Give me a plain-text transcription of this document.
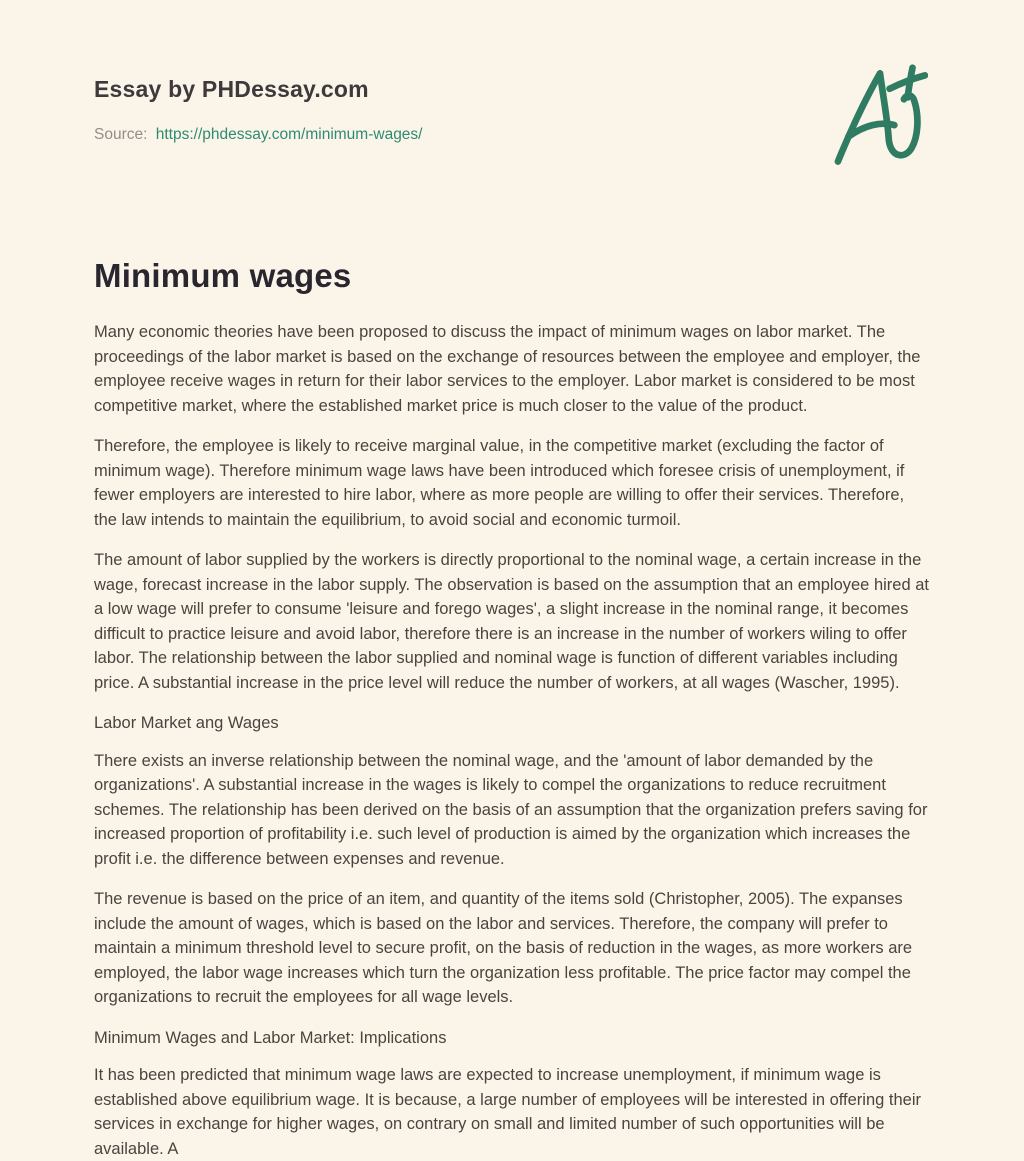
Essay by PHDessay.com

Source: https://phdessay.com/minimum-wages/

Minimum wages

Many economic theories have been proposed to discuss the impact of minimum wages on labor market. The proceedings of the labor market is based on the exchange of resources between the employee and employer, the employee receive wages in return for their labor services to the employer. Labor market is considered to be most competitive market, where the established market price is much closer to the value of the product.

Therefore, the employee is likely to receive marginal value, in the competitive market (excluding the factor of minimum wage). Therefore minimum wage laws have been introduced which foresee crisis of unemployment, if fewer employers are interested to hire labor, where as more people are willing to offer their services. Therefore, the law intends to maintain the equilibrium, to avoid social and economic turmoil.

The amount of labor supplied by the workers is directly proportional to the nominal wage, a certain increase in the wage, forecast increase in the labor supply. The observation is based on the assumption that an employee hired at a low wage will prefer to consume 'leisure and forego wages', a slight increase in the nominal range, it becomes difficult to practice leisure and avoid labor, therefore there is an increase in the number of workers wiling to offer labor. The relationship between the labor supplied and nominal wage is function of different variables including price. A substantial increase in the price level will reduce the number of workers, at all wages (Wascher, 1995).

Labor Market ang Wages

There exists an inverse relationship between the nominal wage, and the 'amount of labor demanded by the organizations'. A substantial increase in the wages is likely to compel the organizations to reduce recruitment schemes. The relationship has been derived on the basis of an assumption that the organization prefers saving for increased proportion of profitability i.e. such level of production is aimed by the organization which increases the profit i.e. the difference between expenses and revenue.

The revenue is based on the price of an item, and quantity of the items sold (Christopher, 2005). The expanses include the amount of wages, which is based on the labor and services. Therefore, the company will prefer to maintain a minimum threshold level to secure profit, on the basis of reduction in the wages, as more workers are employed, the labor wage increases which turn the organization less profitable. The price factor may compel the organizations to recruit the employees for all wage levels.

Minimum Wages and Labor Market: Implications

It has been predicted that minimum wage laws are expected to increase unemployment, if minimum wage is established above equilibrium wage. It is because, a large number of employees will be interested in offering their services in exchange for higher wages, on contrary on small and limited number of such opportunities will be available. A
